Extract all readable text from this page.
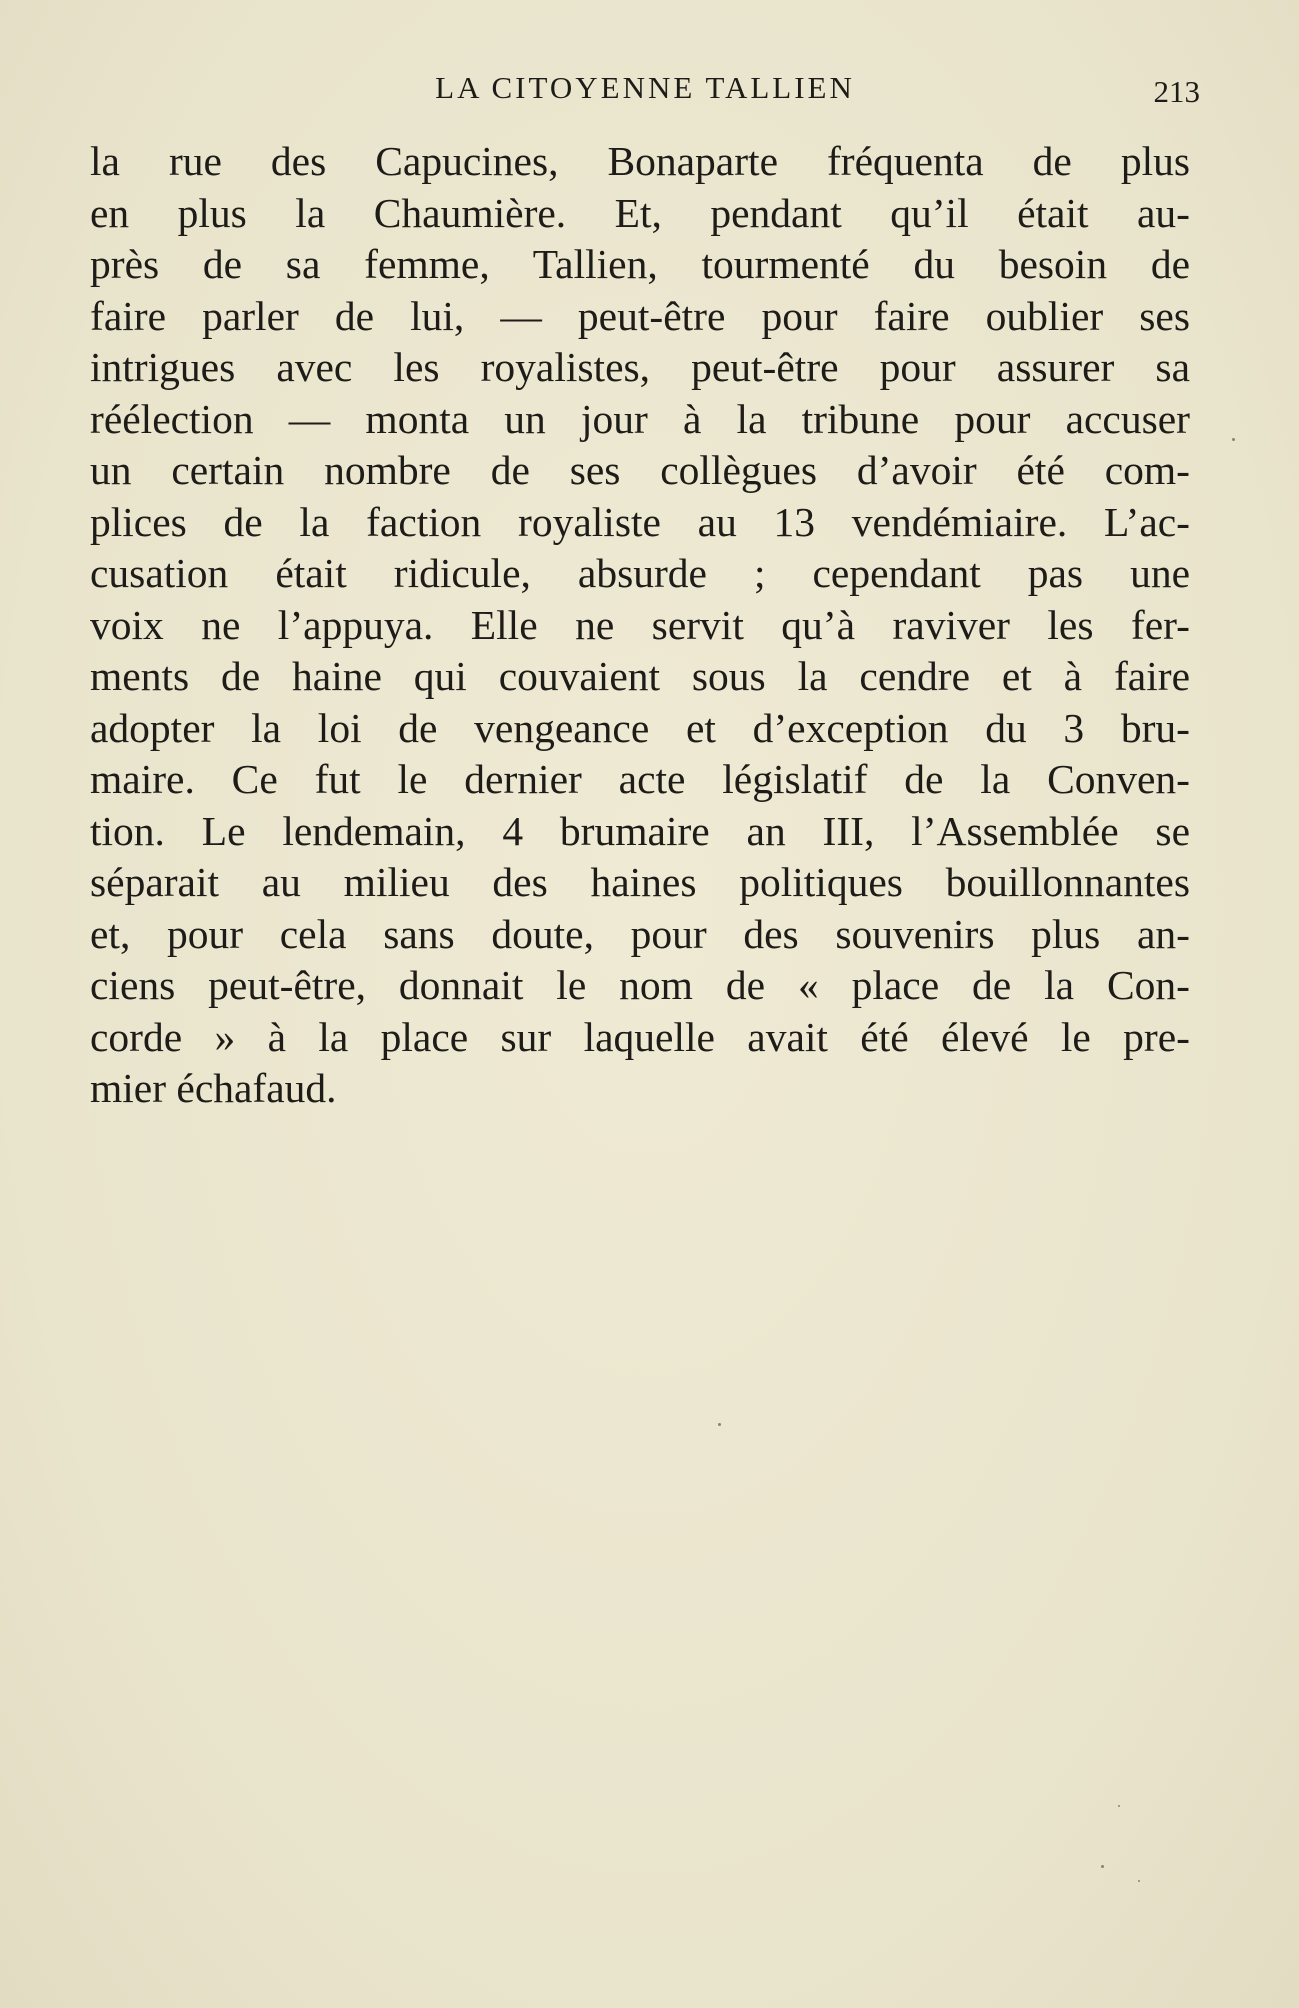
LA CITOYENNE TALLIEN	213
la rue des Capucines, Bonaparte fréquenta de plus
en plus la Chaumière. Et, pendant qu’il était au-
près de sa femme, Tallien, tourmenté du besoin de
faire parler de lui, — peut-être pour faire oublier ses
intrigues avec les royalistes, peut-être pour assurer sa
réélection — monta un jour à la tribune pour accuser
un certain nombre de ses collègues d’avoir été com-
plices de la faction royaliste au 13 vendémiaire. L’ac-
cusation était ridicule, absurde ; cependant pas une
voix ne l’appuya. Elle ne servit qu’à raviver les fer-
ments de haine qui couvaient sous la cendre et à faire
adopter la loi de vengeance et d’exception du 3 bru-
maire. Ce fut le dernier acte législatif de la Conven-
tion. Le lendemain, 4 brumaire an III, l’Assemblée se
séparait au milieu des haines politiques bouillonnantes
et, pour cela sans doute, pour des souvenirs plus an-
ciens peut-être, donnait le nom de « place de la Con-
corde » à la place sur laquelle avait été élevé le pre-
mier échafaud.
